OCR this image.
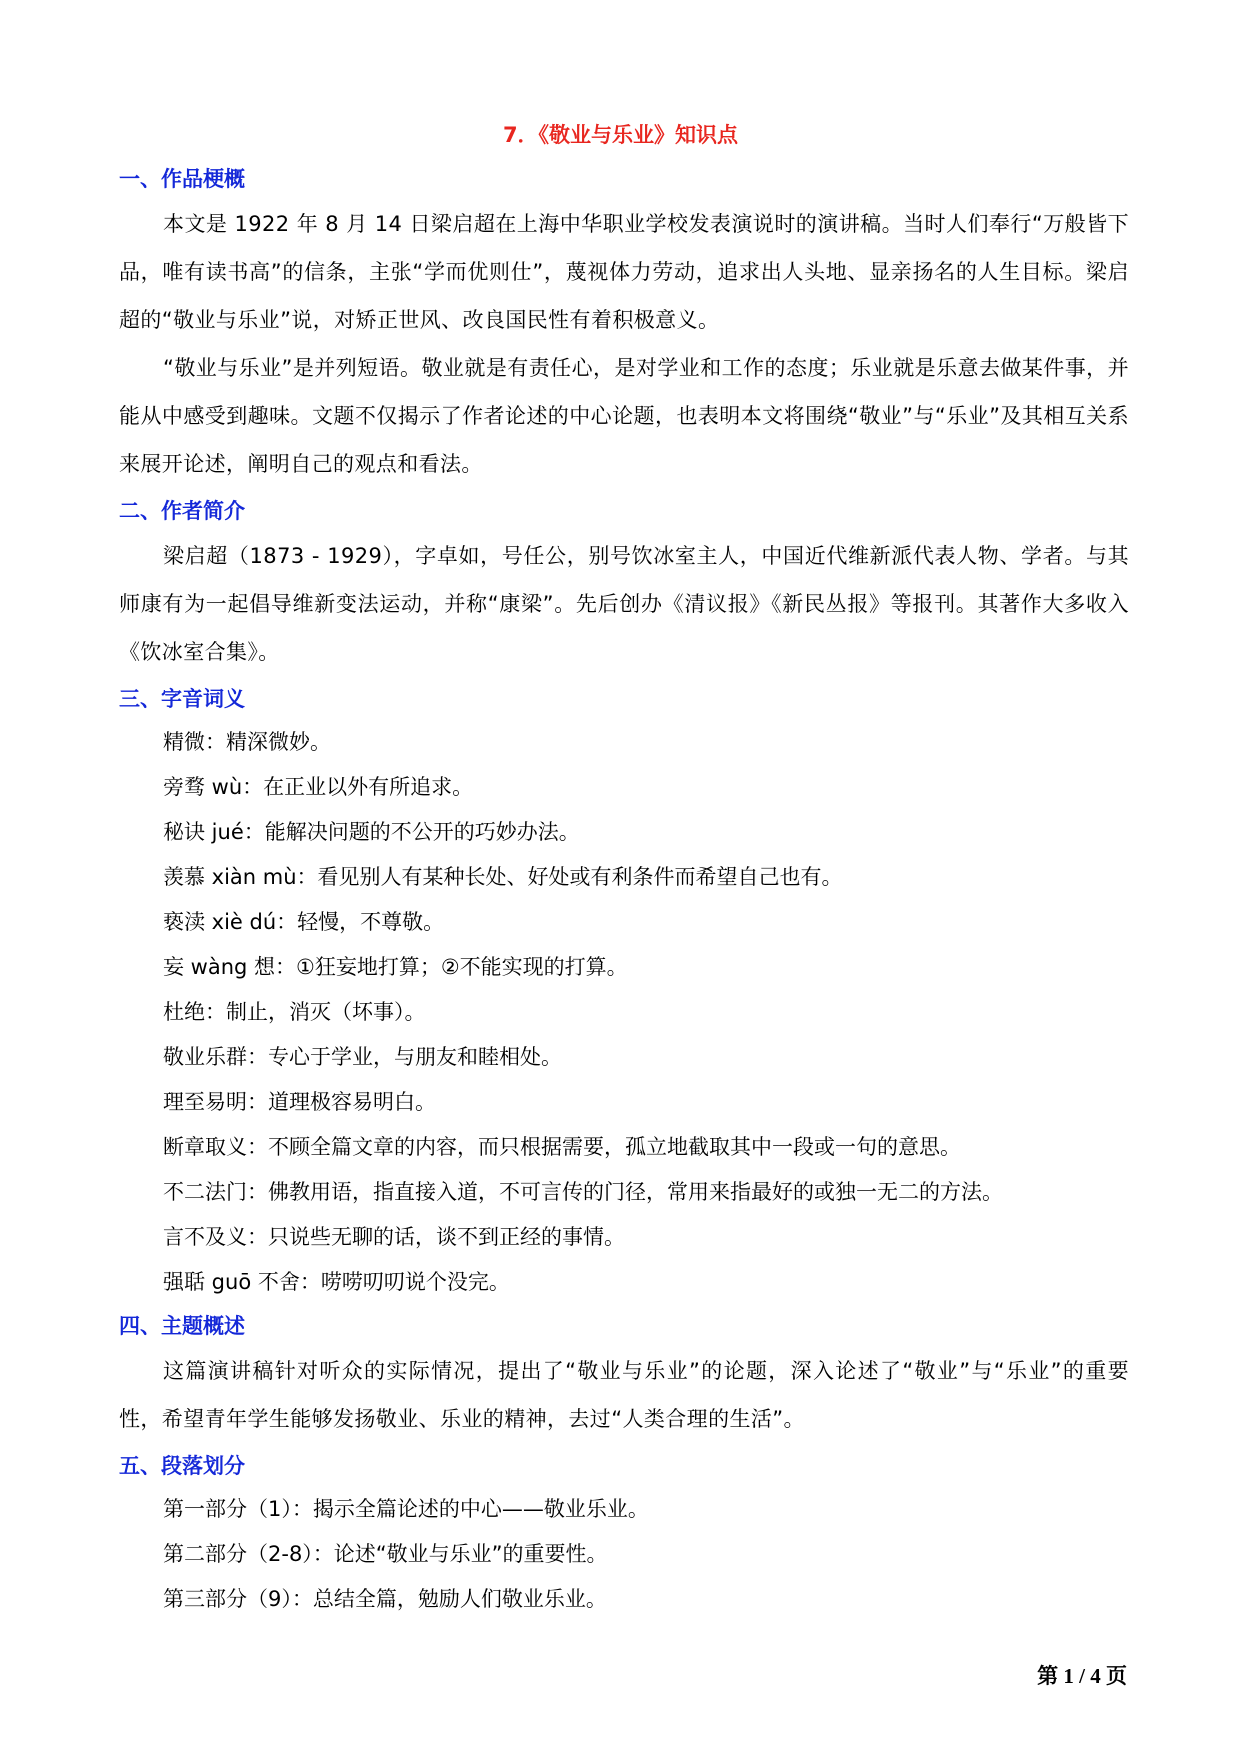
7．《敬业与乐业》知识点
一、作品梗概

本文是 1922 年 8 月 14 日梁启超在上海中华职业学校发表演说时的演讲稿。当时人们奉行“万般皆下品，唯有读书高”的信条，主张“学而优则仕”，蔑视体力劳动，追求出人头地、显亲扬名的人生目标。梁启超的“敬业与乐业”说，对矫正世风、改良国民性有着积极意义。

“敬业与乐业”是并列短语。敬业就是有责任心，是对学业和工作的态度；乐业就是乐意去做某件事，并能从中感受到趣味。文题不仅揭示了作者论述的中心论题，也表明本文将围绕“敬业”与“乐业”及其相互关系来展开论述，阐明自己的观点和看法。

二、作者简介

梁启超（1873 - 1929），字卓如，号任公，别号饮冰室主人，中国近代维新派代表人物、学者。与其师康有为一起倡导维新变法运动，并称“康梁”。先后创办《清议报》《新民丛报》等报刊。其著作大多收入《饮冰室合集》。

三、字音词义
精微：精深微妙。
旁骛 wù：在正业以外有所追求。
秘诀 jué：能解决问题的不公开的巧妙办法。
羡慕 xiàn mù：看见别人有某种长处、好处或有利条件而希望自己也有。
亵渎 xiè dú：轻慢，不尊敬。
妄 wàng 想：①狂妄地打算；②不能实现的打算。
杜绝：制止，消灭（坏事）。
敬业乐群：专心于学业，与朋友和睦相处。
理至易明：道理极容易明白。
断章取义：不顾全篇文章的内容，而只根据需要，孤立地截取其中一段或一句的意思。
不二法门：佛教用语，指直接入道，不可言传的门径，常用来指最好的或独一无二的方法。
言不及义：只说些无聊的话，谈不到正经的事情。
强聒 guō 不舍：唠唠叨叨说个没完。
四、主题概述

这篇演讲稿针对听众的实际情况，提出了“敬业与乐业”的论题，深入论述了“敬业”与“乐业”的重要性，希望青年学生能够发扬敬业、乐业的精神，去过“人类合理的生活”。

五、段落划分
第一部分（1）：揭示全篇论述的中心——敬业乐业。
第二部分（2-8）：论述“敬业与乐业”的重要性。
第三部分（9）：总结全篇，勉励人们敬业乐业。
第 1 / 4 页
